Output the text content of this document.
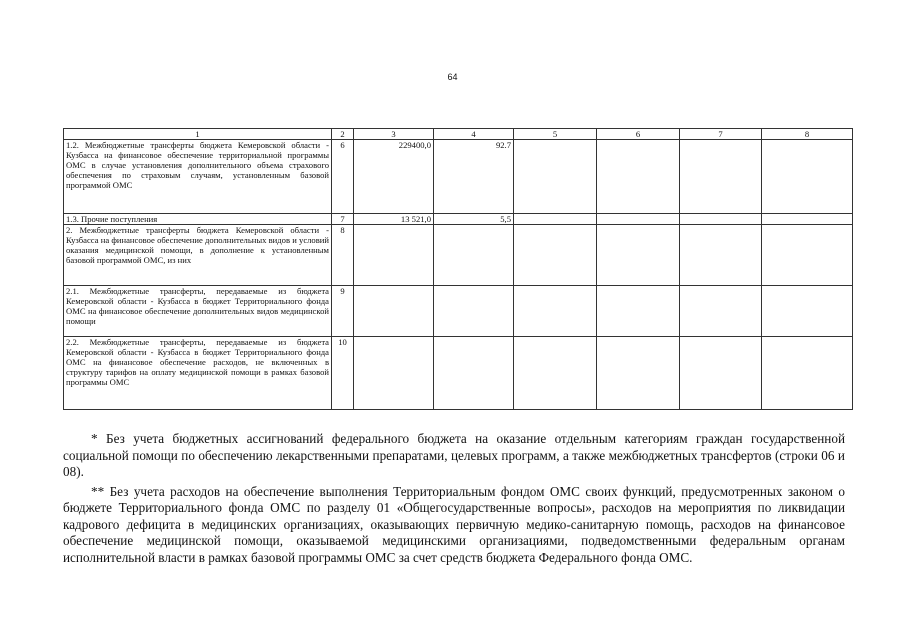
64
1	2	3	4	5	6	7	8
1.2. Межбюджетные трансферты бюджета Кемеровской области - Кузбасса на финансовое обеспечение территориальной программы ОМС в случае установления дополнительного объема страхового обеспечения по страховым случаям, установленным базовой программой ОМС	6	229400,0	92.7				
1.3. Прочие поступления	7	13 521,0	5,5				
2. Межбюджетные трансферты бюджета Кемеровской области - Кузбасса на финансовое обеспечение дополнительных видов и условий оказания медицинской помощи, в дополнение к установленным базовой программой ОМС, из них	8						
2.1. Межбюджетные трансферты, передаваемые из бюджета Кемеровской области - Кузбасса в бюджет Территориального фонда ОМС на финансовое обеспечение дополнительных видов медицинской помощи	9						
2.2. Межбюджетные трансферты, передаваемые из бюджета Кемеровской области - Кузбасса в бюджет Территориального фонда ОМС на финансовое обеспечение расходов, не включенных в структуру тарифов на оплату медицинской помощи в рамках базовой программы ОМС	10						

* Без учета бюджетных ассигнований федерального бюджета на оказание отдельным категориям граждан государственной социальной помощи по обеспечению лекарственными препаратами, целевых программ, а также межбюджетных трансфертов (строки 06 и 08).

** Без учета расходов на обеспечение выполнения Территориальным фондом ОМС своих функций, предусмотренных законом о бюджете Территориального фонда ОМС по разделу 01 «Общегосударственные вопросы», расходов на мероприятия по ликвидации кадрового дефицита в медицинских организациях, оказывающих первичную медико-санитарную помощь, расходов на финансовое обеспечение медицинской помощи, оказываемой медицинскими организациями, подведомственными федеральным органам исполнительной власти в рамках базовой программы ОМС за счет средств бюджета Федерального фонда ОМС.
